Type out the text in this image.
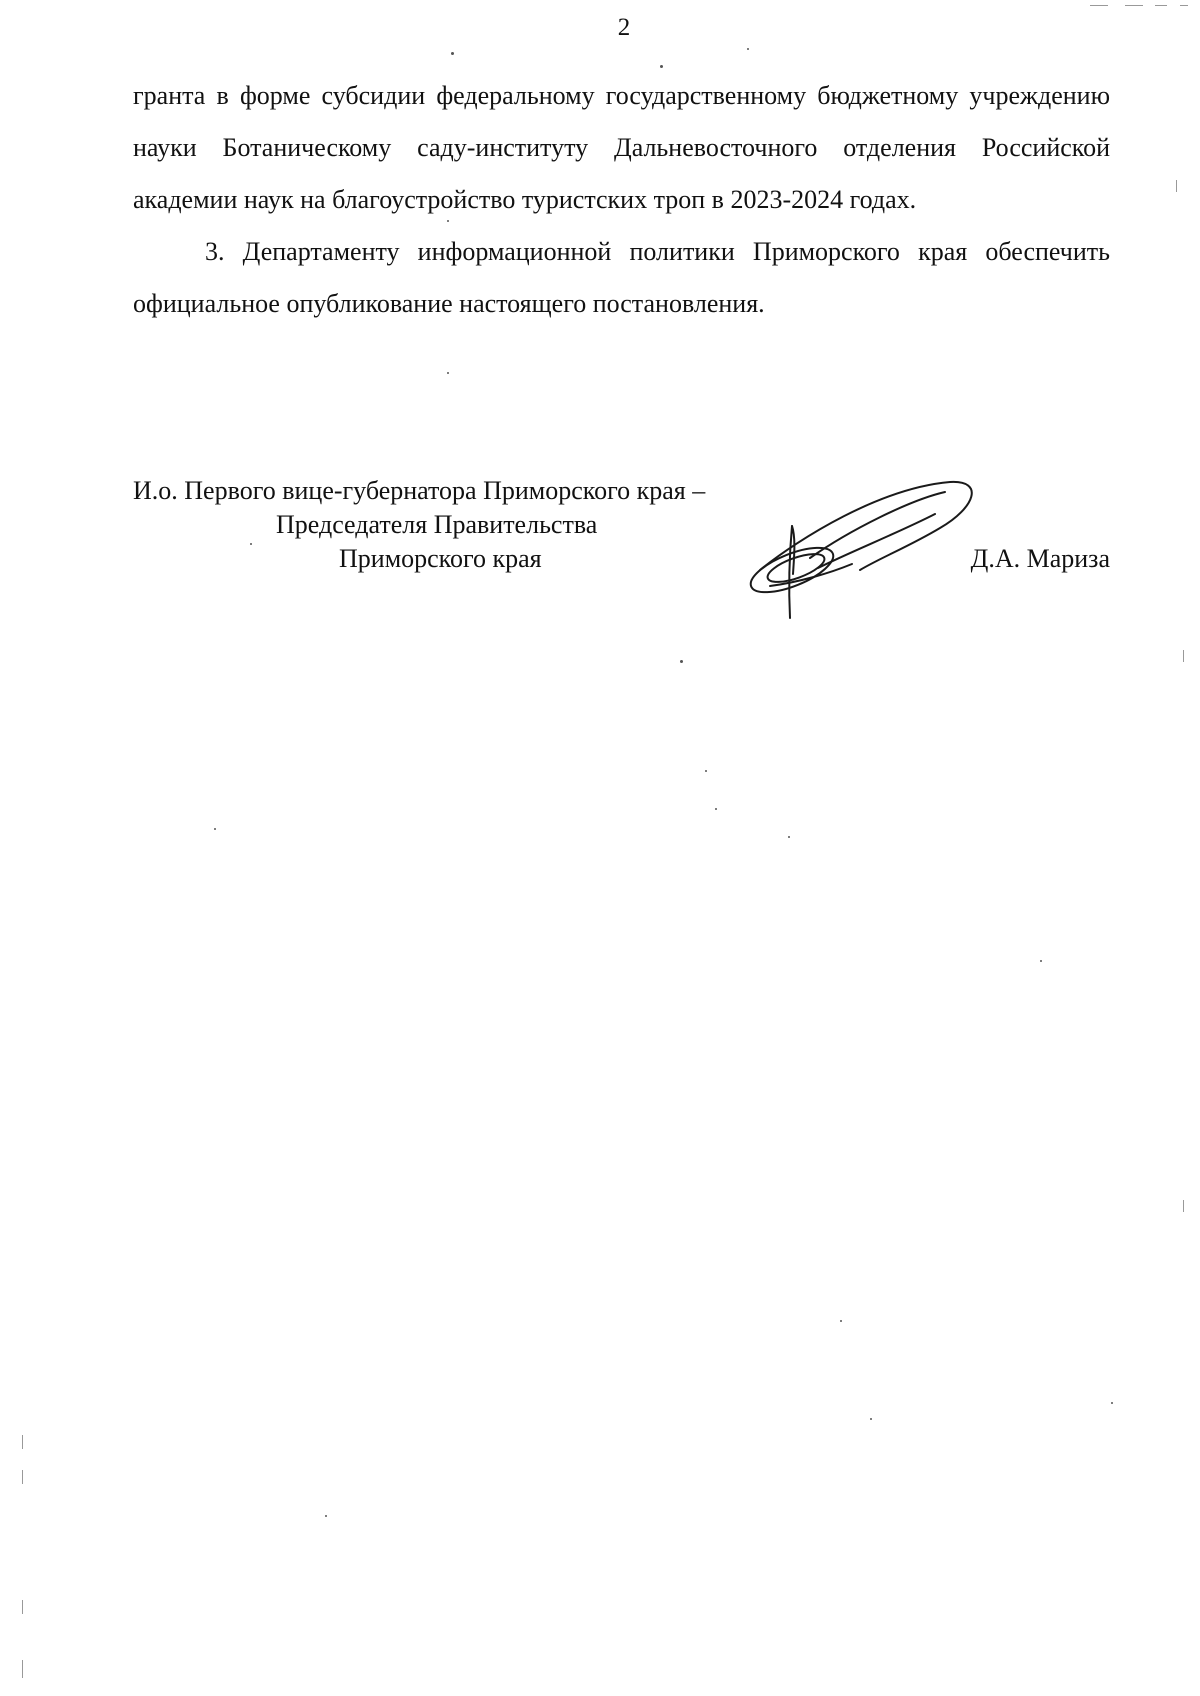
2

гранта в форме субсидии федеральному государственному бюджетному учреждению науки Ботаническому саду-институту Дальневосточного отделения Российской академии наук на благоустройство туристских троп в 2023-2024 годах.

3. Департаменту информационной политики Приморского края обеспечить официальное опубликование настоящего постановления.

И.о. Первого вице-губернатора Приморского края –
Председателя Правительства
Приморского края	Д.А. Мариза
